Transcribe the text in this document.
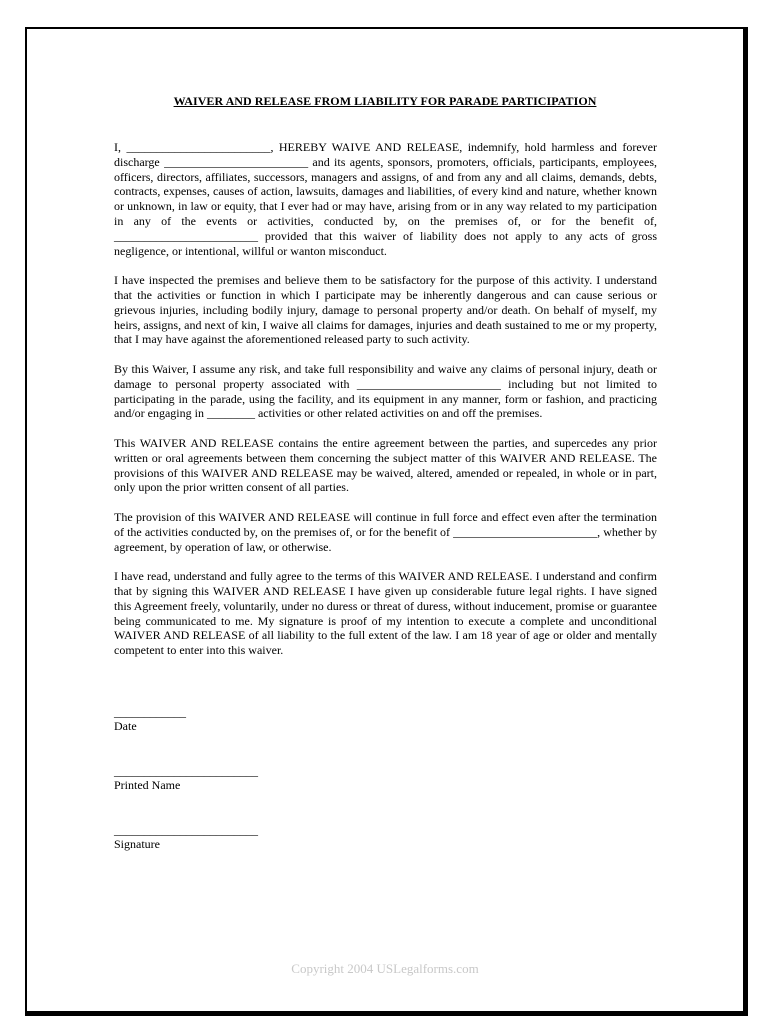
WAIVER AND RELEASE FROM LIABILITY FOR PARADE PARTICIPATION

I, ________________________, HEREBY WAIVE AND RELEASE, indemnify, hold harmless and forever discharge ________________________ and its agents, sponsors, promoters, officials, participants, employees, officers, directors, affiliates, successors, managers and assigns, of and from any and all claims, demands, debts, contracts, expenses, causes of action, lawsuits, damages and liabilities, of every kind and nature, whether known or unknown, in law or equity, that I ever had or may have, arising from or in any way related to my participation in any of the events or activities, conducted by, on the premises of, or for the benefit of, ________________________ provided that this waiver of liability does not apply to any acts of gross negligence, or intentional, willful or wanton misconduct.

I have inspected the premises and believe them to be satisfactory for the purpose of this activity. I understand that the activities or function in which I participate may be inherently dangerous and can cause serious or grievous injuries, including bodily injury, damage to personal property and/or death. On behalf of myself, my heirs, assigns, and next of kin, I waive all claims for damages, injuries and death sustained to me or my property, that I may have against the aforementioned released party to such activity.

By this Waiver, I assume any risk, and take full responsibility and waive any claims of personal injury, death or damage to personal property associated with ________________________ including but not limited to participating in the parade, using the facility, and its equipment in any manner, form or fashion, and practicing and/or engaging in ________ activities or other related activities on and off the premises.

This WAIVER AND RELEASE contains the entire agreement between the parties, and supercedes any prior written or oral agreements between them concerning the subject matter of this WAIVER AND RELEASE. The provisions of this WAIVER AND RELEASE may be waived, altered, amended or repealed, in whole or in part, only upon the prior written consent of all parties.

The provision of this WAIVER AND RELEASE will continue in full force and effect even after the termination of the activities conducted by, on the premises of, or for the benefit of ________________________, whether by agreement, by operation of law, or otherwise.

I have read, understand and fully agree to the terms of this WAIVER AND RELEASE. I understand and confirm that by signing this WAIVER AND RELEASE I have given up considerable future legal rights. I have signed this Agreement freely, voluntarily, under no duress or threat of duress, without inducement, promise or guarantee being communicated to me. My signature is proof of my intention to execute a complete and unconditional WAIVER AND RELEASE of all liability to the full extent of the law. I am 18 year of age or older and mentally competent to enter into this waiver.

____________
Date
________________________
Printed Name
________________________
Signature
Copyright 2004 USLegalforms.com
